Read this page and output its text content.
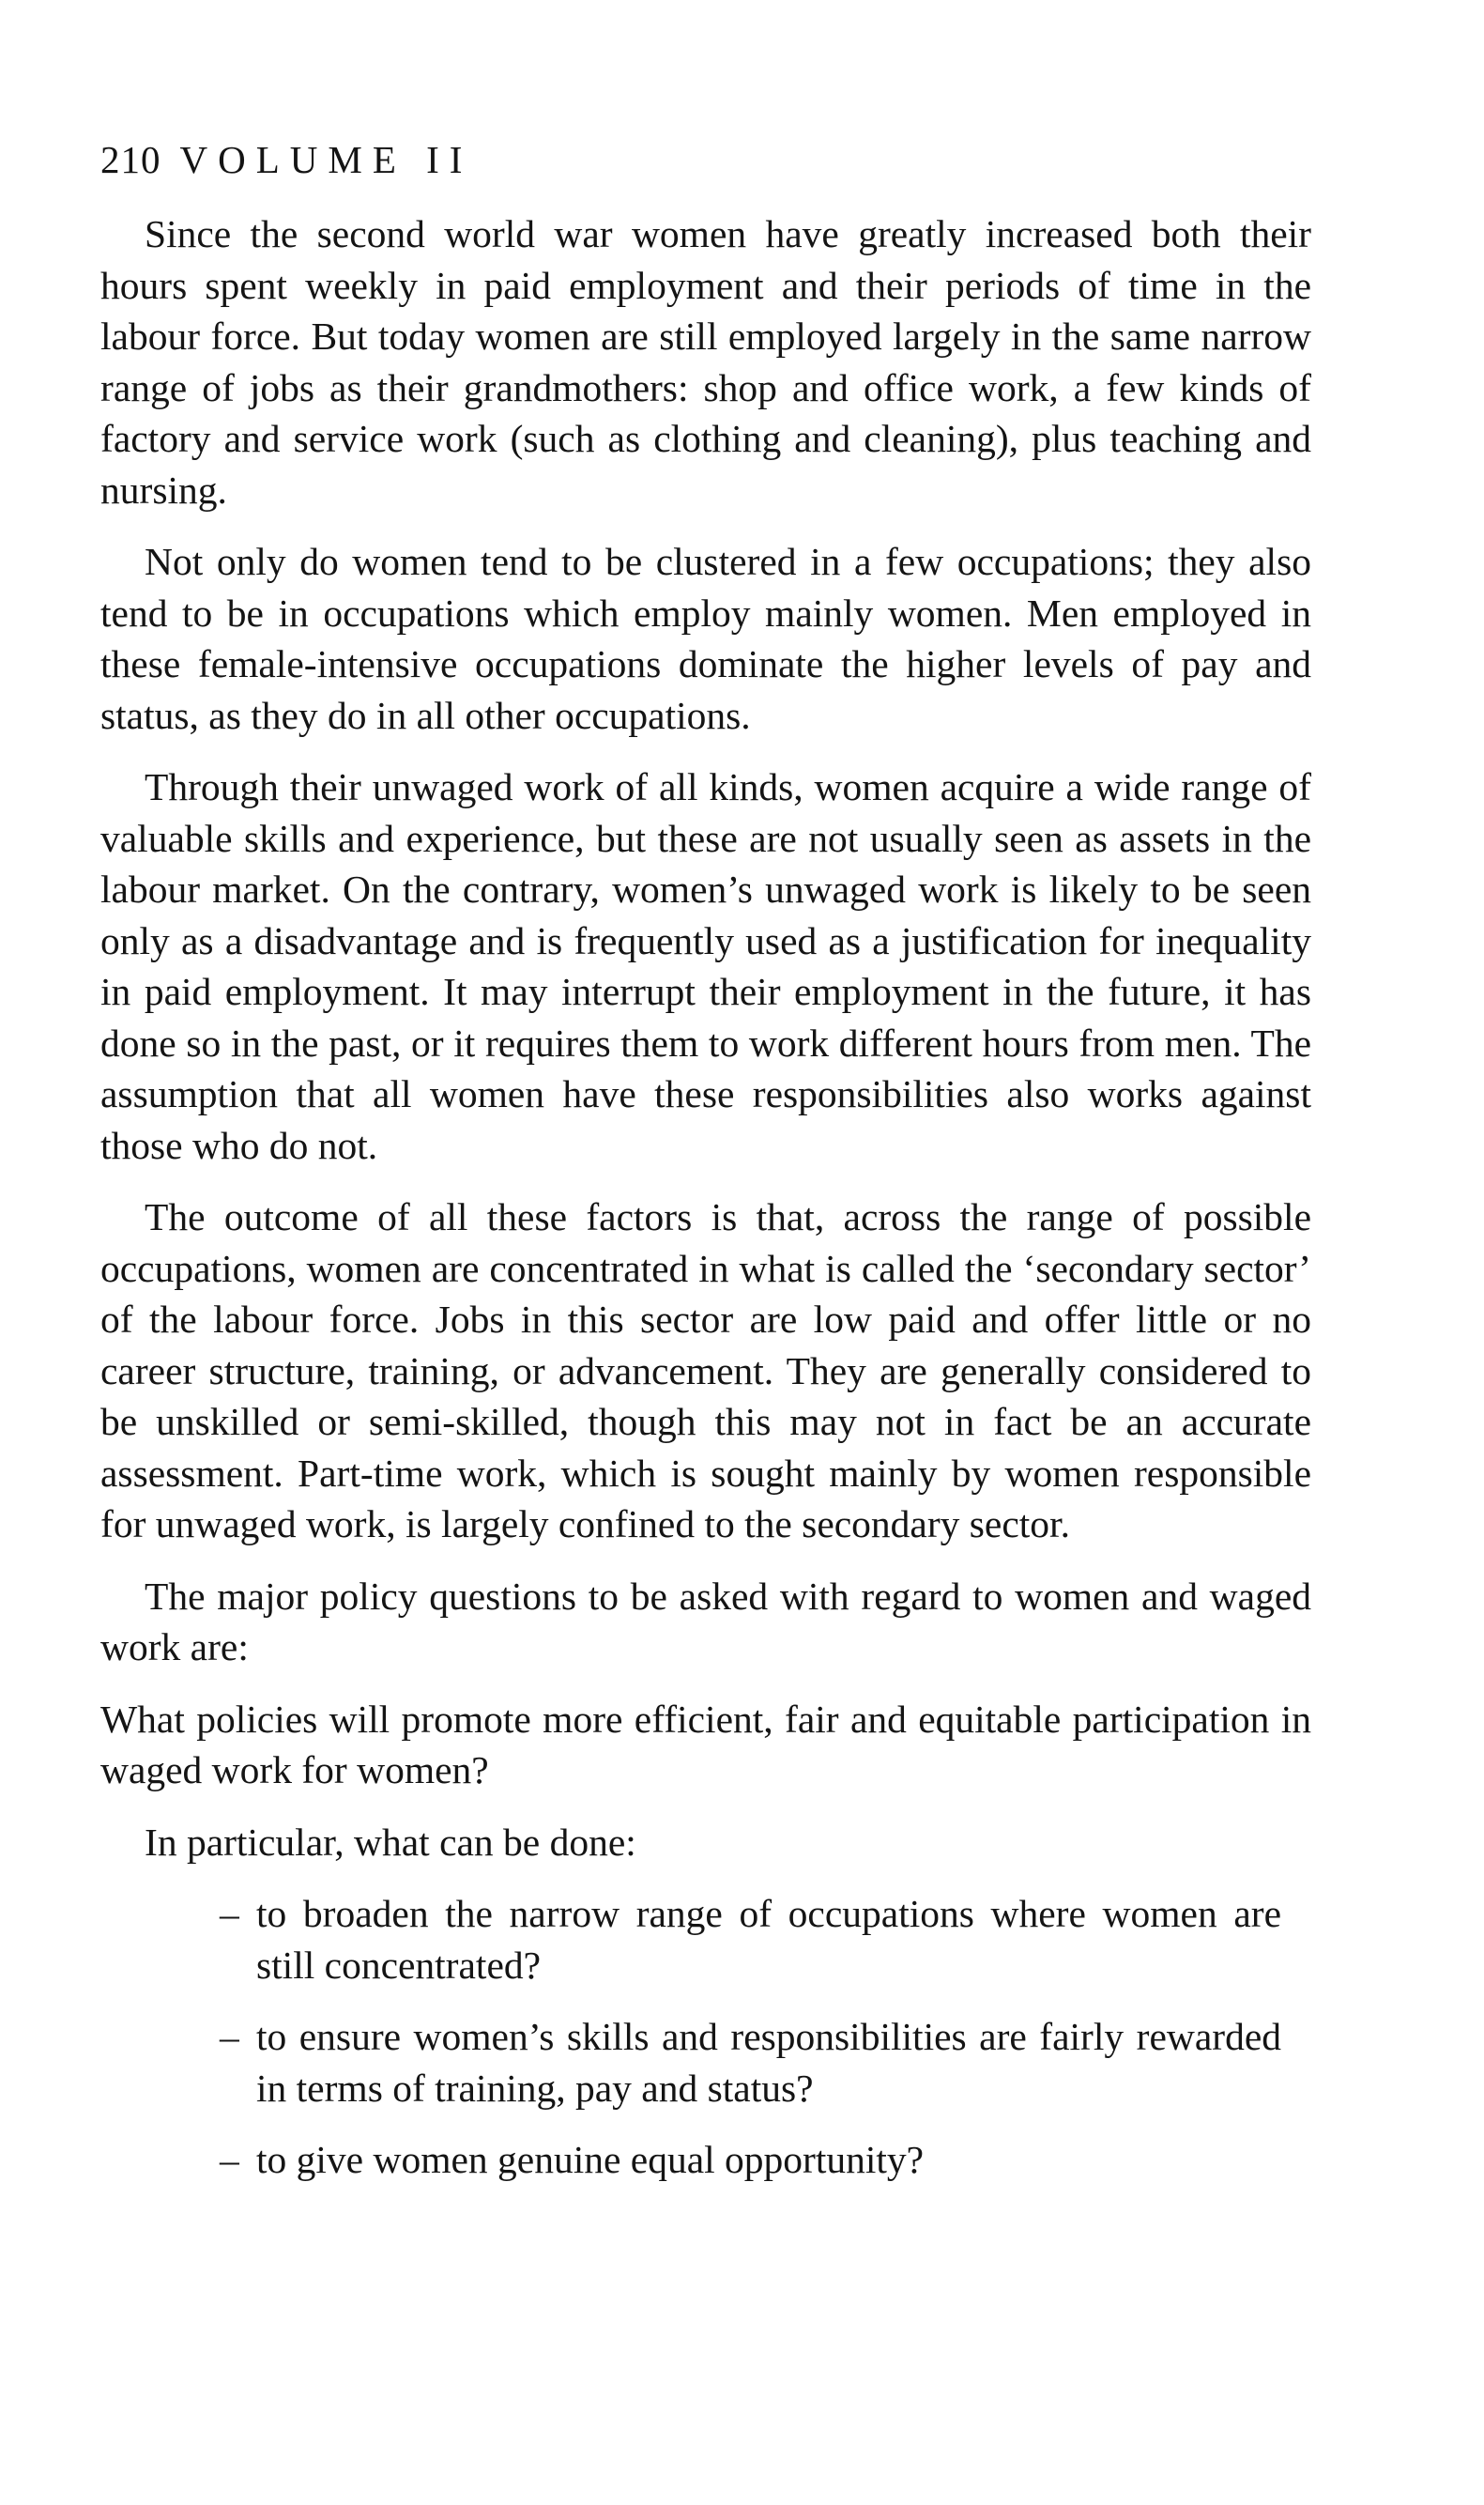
210 VOLUME II

Since the second world war women have greatly increased both their hours spent weekly in paid employment and their periods of time in the labour force. But today women are still employed largely in the same narrow range of jobs as their grandmothers: shop and office work, a few kinds of factory and service work (such as clothing and cleaning), plus teaching and nursing.

Not only do women tend to be clustered in a few occupations; they also tend to be in occupations which employ mainly women. Men employed in these female-intensive occupations dominate the higher levels of pay and status, as they do in all other occupations.

Through their unwaged work of all kinds, women acquire a wide range of valuable skills and experience, but these are not usually seen as assets in the labour market. On the contrary, women’s unwaged work is likely to be seen only as a disadvantage and is frequently used as a justification for inequality in paid employment. It may interrupt their employment in the future, it has done so in the past, or it requires them to work different hours from men. The assumption that all women have these responsibilities also works against those who do not.

The outcome of all these factors is that, across the range of possible occupations, women are concentrated in what is called the ‘secondary sector’ of the labour force. Jobs in this sector are low paid and offer little or no career structure, training, or advancement. They are generally considered to be unskilled or semi-skilled, though this may not in fact be an accurate assessment. Part-time work, which is sought mainly by women responsible for unwaged work, is largely confined to the secondary sector.

The major policy questions to be asked with regard to women and waged work are:

What policies will promote more efficient, fair and equitable participation in waged work for women?

In particular, what can be done:

– to broaden the narrow range of occupations where women are still concentrated?
– to ensure women’s skills and responsibilities are fairly rewarded in terms of training, pay and status?
– to give women genuine equal opportunity?
